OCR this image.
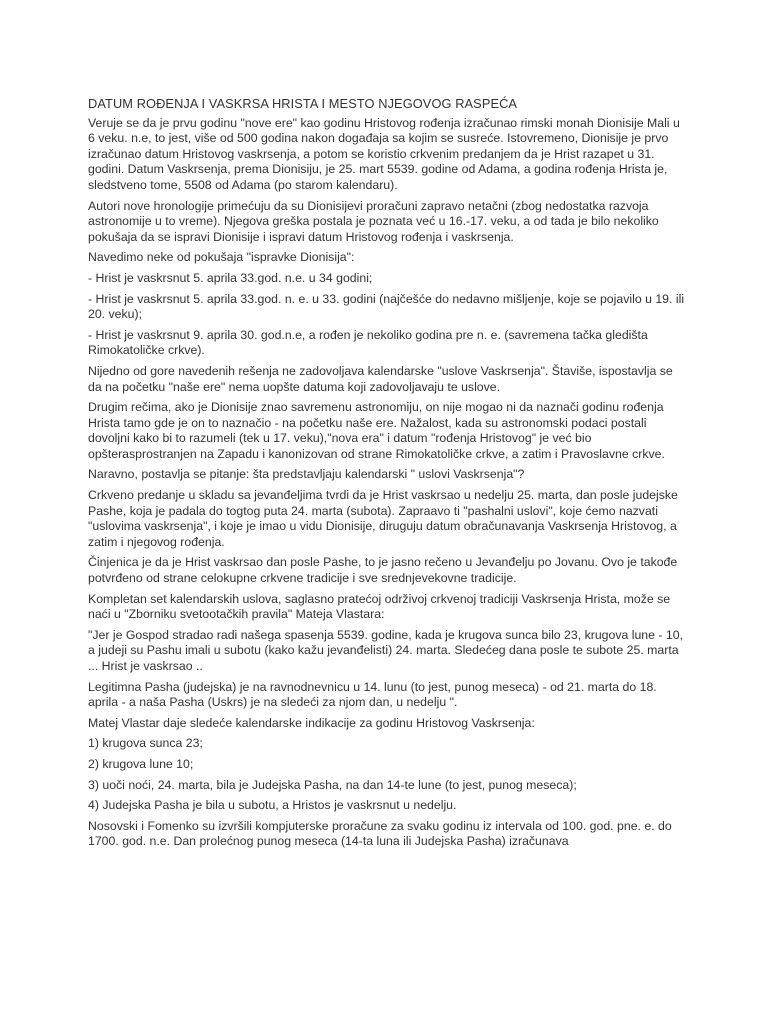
DATUM ROĐENJA I VASKRSA HRISTA I MESTO NJEGOVOG RASPEĆA

Veruje se da je prvu godinu "nove ere" kao godinu Hristovog rođenja izračunao rimski monah Dionisije Mali u 6 veku. n.e, to jest, više od 500 godina nakon događaja sa kojim se susreće. Istovremeno, Dionisije je prvo izračunao datum Hristovog vaskrsenja, a potom se koristio crkvenim predanjem da je Hrist razapet u 31. godini. Datum Vaskrsenja, prema Dionisiju, je 25. mart 5539. godine od Adama, a godina rođenja Hrista je, sledstveno tome, 5508 od Adama (po starom kalendaru).

Autori nove hronologije primećuju da su Dionisijevi proračuni zapravo netačni (zbog nedostatka razvoja astronomije u to vreme). Njegova greška postala je poznata već u 16.-17. veku, a od tada je bilo nekoliko pokušaja da se ispravi Dionisije i ispravi datum Hristovog rođenja i vaskrsenja.

Navedimo neke od pokušaja "ispravke Dionisija":

- Hrist je vaskrsnut 5. aprila 33.god. n.e. u 34 godini;

- Hrist je vaskrsnut 5. aprila 33.god. n. e. u 33. godini (najčešće do nedavno mišljenje, koje se pojavilo u 19. ili 20. veku);

- Hrist je vaskrsnut 9. aprila 30. god.n.e, a rođen je nekoliko godina pre n. e. (savremena tačka gledišta Rimokatoličke crkve).

Nijedno od gore navedenih rešenja ne zadovoljava kalendarske "uslove Vaskrsenja". Štaviše, ispostavlja se da na početku "naše ere" nema uopšte datuma koji zadovoljavaju te uslove.

Drugim rečima, ako je Dionisije znao savremenu astronomiju, on nije mogao ni da naznači godinu rođenja Hrista tamo gde je on to naznačio - na početku naše ere. Nažalost, kada su astronomski podaci postali dovoljni kako bi to razumeli (tek u 17. veku),"nova era" i datum "rođenja Hristovog" je već bio opšterasprostranjen na Zapadu i kanonizovan od strane Rimokatoličke crkve, a zatim i Pravoslavne crkve.

Naravno, postavlja se pitanje: šta predstavljaju kalendarski " uslovi Vaskrsenja"?

Crkveno predanje u skladu sa jevanđeljima tvrdi da je Hrist vaskrsao u nedelju 25. marta, dan posle judejske Pashe, koja je padala do togtog puta 24. marta (subota). Zapraavo ti "pashalni uslovi", koje ćemo nazvati "uslovima vaskrsenja", i koje je imao u vidu Dionisije, diruguju datum obračunavanja Vaskrsenja Hristovog, a zatim i njegovog rođenja.

Činjenica je da je Hrist vaskrsao dan posle Pashe, to je jasno rečeno u Jevanđelju po Jovanu. Ovo je takođe potvrđeno od strane celokupne crkvene tradicije i sve srednjevekovne tradicije.

Kompletan set kalendarskih uslova, saglasno pratećoj održivoj crkvenoj tradiciji Vaskrsenja Hrista, može se naći u "Zborniku svetootačkih pravila" Mateja Vlastara:

"Jer je Gospod stradao radi našega spasenja 5539. godine, kada je krugova sunca bilo 23, krugova lune - 10, a judeji su Pashu imali u subotu (kako kažu jevanđelisti) 24. marta. Sledećeg dana posle te subote 25. marta ... Hrist je vaskrsao ..

Legitimna Pasha (judejska) je na ravnodnevnicu u 14. lunu (to jest, punog meseca) - od 21. marta do 18. aprila - a naša Pasha (Uskrs) je na sledeći za njom dan, u nedelju ".

Matej Vlastar daje sledeće kalendarske indikacije za godinu Hristovog Vaskrsenja:

1) krugova sunca 23;

2) krugova lune 10;

3) uoči noći, 24. marta, bila je Judejska Pasha, na dan 14-te lune (to jest, punog meseca);

4) Judejska Pasha je bila u subotu, a Hristos je vaskrsnut u nedelju.

Nosovski i Fomenko su izvršili kompjuterske proračune za svaku godinu iz intervala od 100. god. pne. e. do 1700. god. n.e. Dan prolećnog punog meseca (14-ta luna ili Judejska Pasha) izračunava
